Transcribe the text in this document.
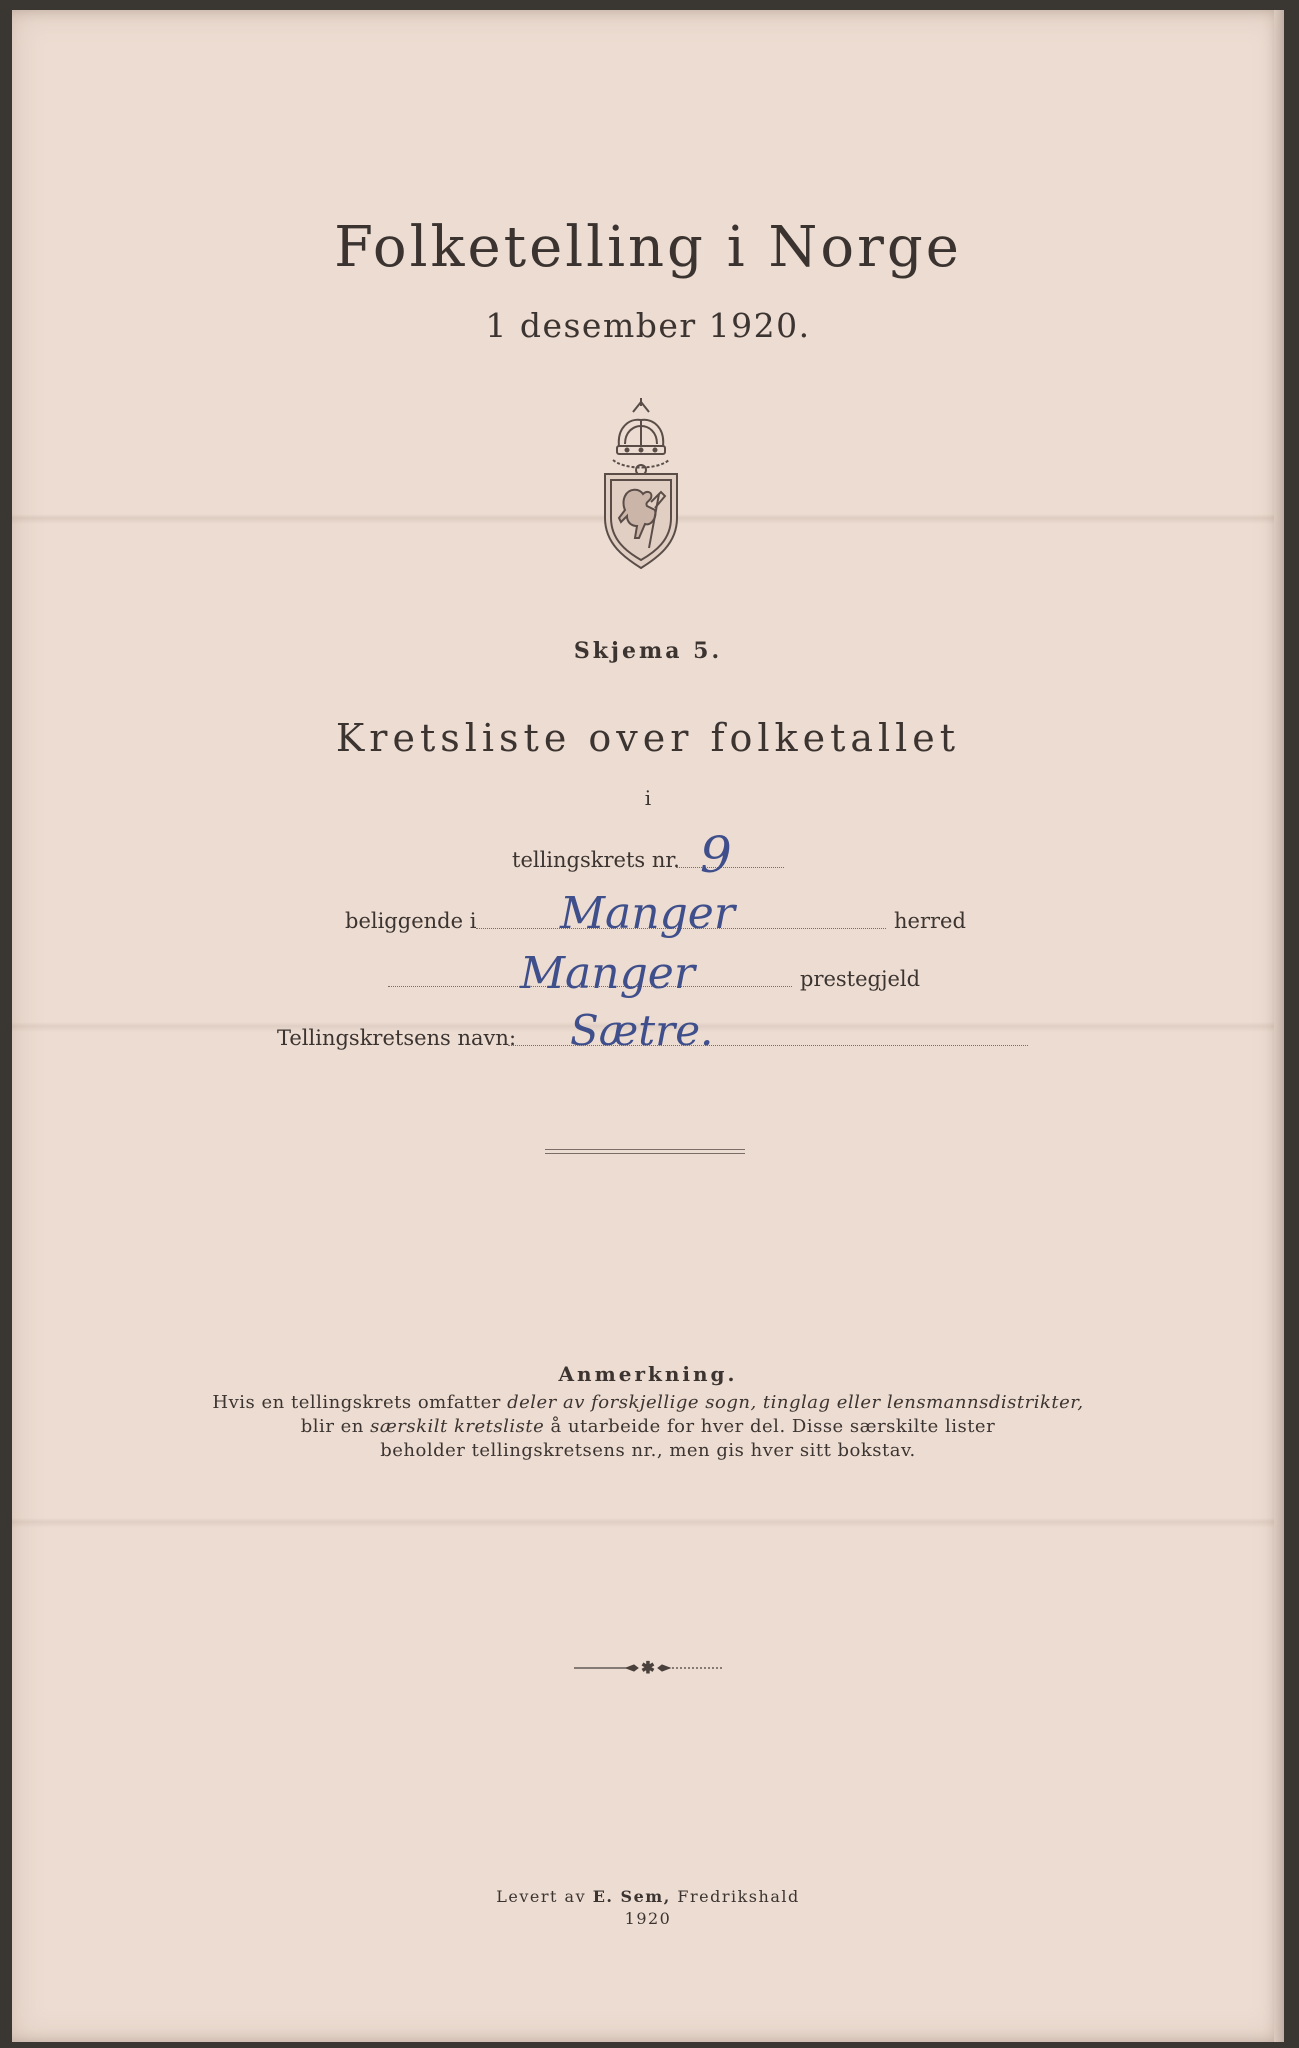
Folketelling i Norge
1 desember 1920.
Skjema 5.
Kretsliste over folketallet
i
tellingskrets nr. 9
beliggende i Manger	herred
Manger	prestegjeld
Tellingskretsens navn: Sætre.
Anmerkning.
Hvis en tellingskrets omfatter deler av forskjellige sogn, tinglag eller lensmannsdistrikter,
blir en særskilt kretsliste å utarbeide for hver del. Disse særskilte lister
beholder tellingskretsens nr., men gis hver sitt bokstav.
✱
Levert av E. Sem, Fredrikshald
1920
